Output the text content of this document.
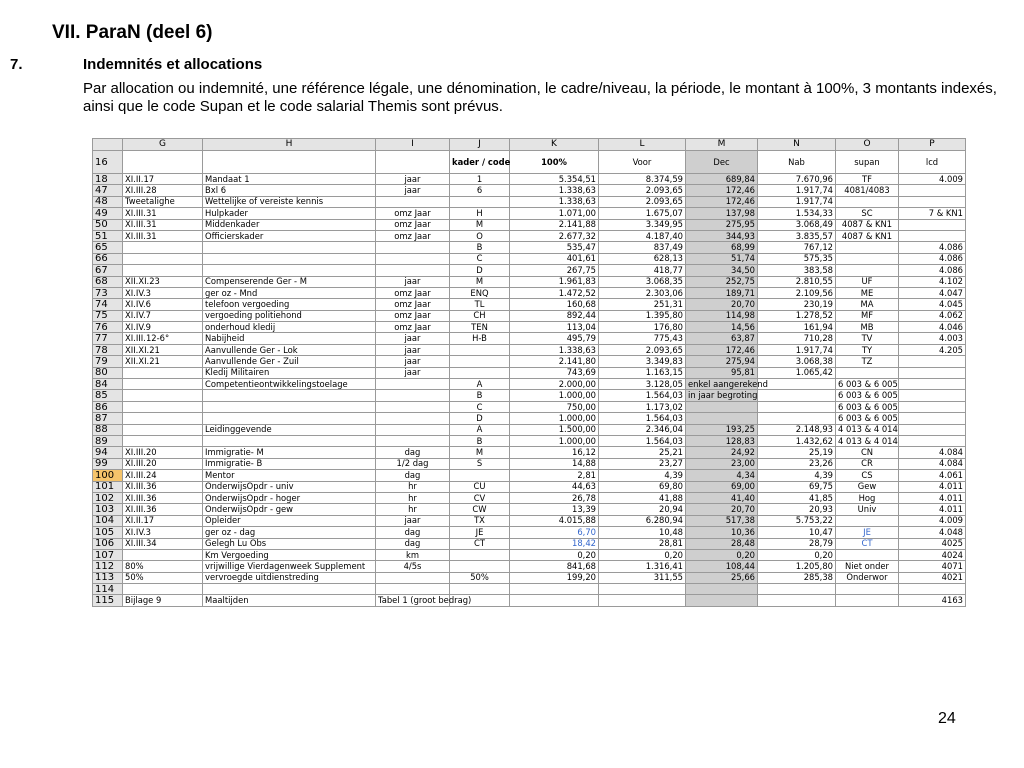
VII. ParaN (deel 6)
7.	Indemnités et allocations

Par allocation ou indemnité, une référence légale, une dénomination, le cadre/niveau, la période, le montant à 100%, 3 montants indexés, ainsi que le code Supan et le code salarial Themis sont prévus.

	G	H	I	J	K	L	M	N	O	P
16				kader / code	100%	Voor	Dec	Nab	supan	lcd
18	XI.II.17	Mandaat 1	jaar	1	5.354,51	8.374,59	689,84	7.670,96	TF	4.009
47	XI.III.28	Bxl 6	jaar	6	1.338,63	2.093,65	172,46	1.917,74	4081/4083	
48	Tweetalighe	Wettelijke of vereiste kennis			1.338,63	2.093,65	172,46	1.917,74		
49	XI.III.31	Hulpkader	omz Jaar	H	1.071,00	1.675,07	137,98	1.534,33	SC	7 & KN1
50	XI.III.31	Middenkader	omz Jaar	M	2.141,88	3.349,95	275,95	3.068,49	4087 & KN1	
51	XI.III.31	Officierskader	omz Jaar	O	2.677,32	4.187,40	344,93	3.835,57	4087 & KN1	
65				B	535,47	837,49	68,99	767,12		4.086
66				C	401,61	628,13	51,74	575,35		4.086
67				D	267,75	418,77	34,50	383,58		4.086
68	XII.XI.23	Compenserende Ger - M	jaar	M	1.961,83	3.068,35	252,75	2.810,55	UF	4.102
73	XI.IV.3	ger oz - Mnd	omz Jaar	ENQ	1.472,52	2.303,06	189,71	2.109,56	ME	4.047
74	XI.IV.6	telefoon vergoeding	omz Jaar	TL	160,68	251,31	20,70	230,19	MA	4.045
75	XI.IV.7	vergoeding politiehond	omz Jaar	CH	892,44	1.395,80	114,98	1.278,52	MF	4.062
76	XI.IV.9	onderhoud kledij	omz Jaar	TEN	113,04	176,80	14,56	161,94	MB	4.046
77	XI.III.12-6°	Nabijheid	jaar	H-B	495,79	775,43	63,87	710,28	TV	4.003
78	XII.XI.21	Aanvullende Ger - Lok	jaar		1.338,63	2.093,65	172,46	1.917,74	TY	4.205
79	XII.XI.21	Aanvullende Ger - Zuil	jaar		2.141,80	3.349,83	275,94	3.068,38	TZ	
80		Kledij Militairen	jaar		743,69	1.163,15	95,81	1.065,42		
84		Competentieontwikkelingstoelage		A	2.000,00	3.128,05	enkel aangerekend		6 003 & 6 005	
85				B	1.000,00	1.564,03	in jaar begroting		6 003 & 6 005	
86				C	750,00	1.173,02			6 003 & 6 005	
87				D	1.000,00	1.564,03			6 003 & 6 005	
88		Leidinggevende		A	1.500,00	2.346,04	193,25	2.148,93	4 013 & 4 014	
89				B	1.000,00	1.564,03	128,83	1.432,62	4 013 & 4 014	
94	XI.III.20	Immigratie- M	dag	M	16,12	25,21	24,92	25,19	CN	4.084
99	XI.III.20	Immigratie- B	1/2 dag	S	14,88	23,27	23,00	23,26	CR	4.084
100	XI.III.24	Mentor	dag		2,81	4,39	4,34	4,39	CS	4.061
101	XI.III.36	OnderwijsOpdr - univ	hr	CU	44,63	69,80	69,00	69,75	Gew	4.011
102	XI.III.36	OnderwijsOpdr - hoger	hr	CV	26,78	41,88	41,40	41,85	Hog	4.011
103	XI.III.36	OnderwijsOpdr - gew	hr	CW	13,39	20,94	20,70	20,93	Univ	4.011
104	XI.II.17	Opleider	jaar	TX	4.015,88	6.280,94	517,38	5.753,22		4.009
105	XI.IV.3	ger oz - dag	dag	JE	6,70	10,48	10,36	10,47	JE	4.048
106	XI.III.34	Gelegh Lu Obs	dag	CT	18,42	28,81	28,48	28,79	CT	4025
107		Km Vergoeding	km		0,20	0,20	0,20	0,20		4024
112	80%	vrijwillige Vierdagenweek Supplement	4/5s		841,68	1.316,41	108,44	1.205,80	Niet onder	4071
113	50%	vervroegde uitdienstreding		50%	199,20	311,55	25,66	285,38	Onderwor	4021
114										
115	Bijlage 9	Maaltijden	Tabel 1 (groot bedrag)							4163
24
